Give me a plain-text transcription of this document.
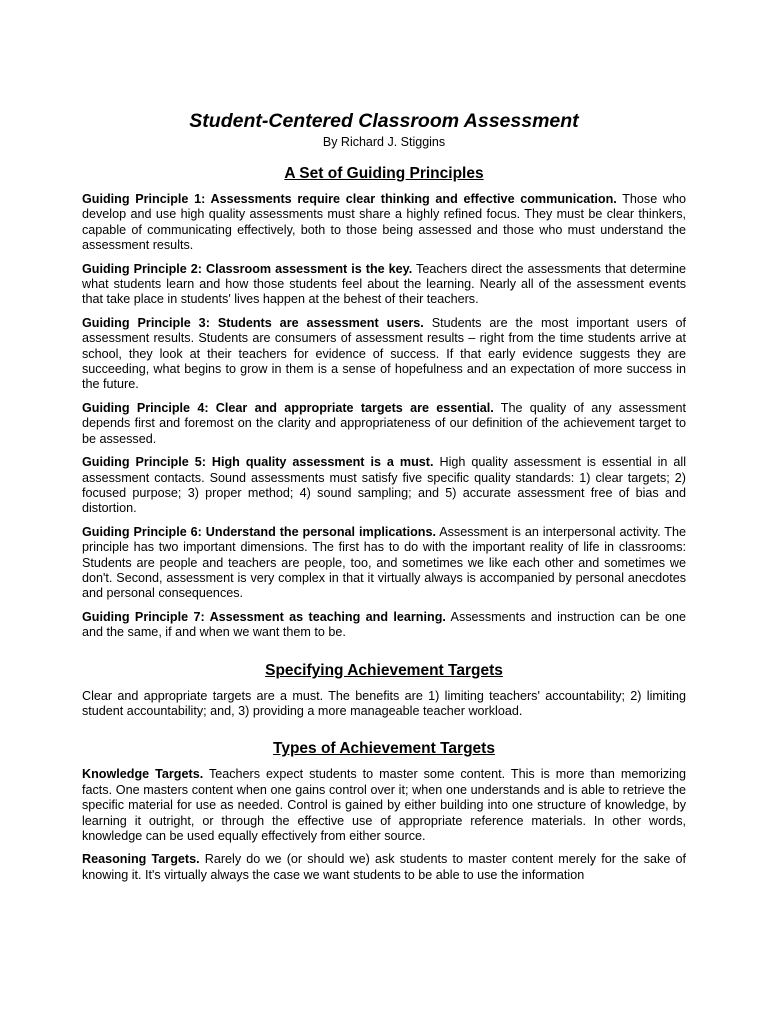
Student-Centered Classroom Assessment
By Richard J. Stiggins
A Set of Guiding Principles

Guiding Principle 1: Assessments require clear thinking and effective communication. Those who develop and use high quality assessments must share a highly refined focus. They must be clear thinkers, capable of communicating effectively, both to those being assessed and those who must understand the assessment results.

Guiding Principle 2: Classroom assessment is the key. Teachers direct the assessments that determine what students learn and how those students feel about the learning. Nearly all of the assessment events that take place in students' lives happen at the behest of their teachers.

Guiding Principle 3: Students are assessment users. Students are the most important users of assessment results. Students are consumers of assessment results – right from the time students arrive at school, they look at their teachers for evidence of success. If that early evidence suggests they are succeeding, what begins to grow in them is a sense of hopefulness and an expectation of more success in the future.

Guiding Principle 4: Clear and appropriate targets are essential. The quality of any assessment depends first and foremost on the clarity and appropriateness of our definition of the achievement target to be assessed.

Guiding Principle 5: High quality assessment is a must. High quality assessment is essential in all assessment contacts. Sound assessments must satisfy five specific quality standards: 1) clear targets; 2) focused purpose; 3) proper method; 4) sound sampling; and 5) accurate assessment free of bias and distortion.

Guiding Principle 6: Understand the personal implications. Assessment is an interpersonal activity. The principle has two important dimensions. The first has to do with the important reality of life in classrooms: Students are people and teachers are people, too, and sometimes we like each other and sometimes we don't. Second, assessment is very complex in that it virtually always is accompanied by personal anecdotes and personal consequences.

Guiding Principle 7: Assessment as teaching and learning. Assessments and instruction can be one and the same, if and when we want them to be.

Specifying Achievement Targets

Clear and appropriate targets are a must. The benefits are 1) limiting teachers' accountability; 2) limiting student accountability; and, 3) providing a more manageable teacher workload.

Types of Achievement Targets

Knowledge Targets. Teachers expect students to master some content. This is more than memorizing facts. One masters content when one gains control over it; when one understands and is able to retrieve the specific material for use as needed. Control is gained by either building into one structure of knowledge, by learning it outright, or through the effective use of appropriate reference materials. In other words, knowledge can be used equally effectively from either source.

Reasoning Targets. Rarely do we (or should we) ask students to master content merely for the sake of knowing it. It's virtually always the case we want students to be able to use the information
